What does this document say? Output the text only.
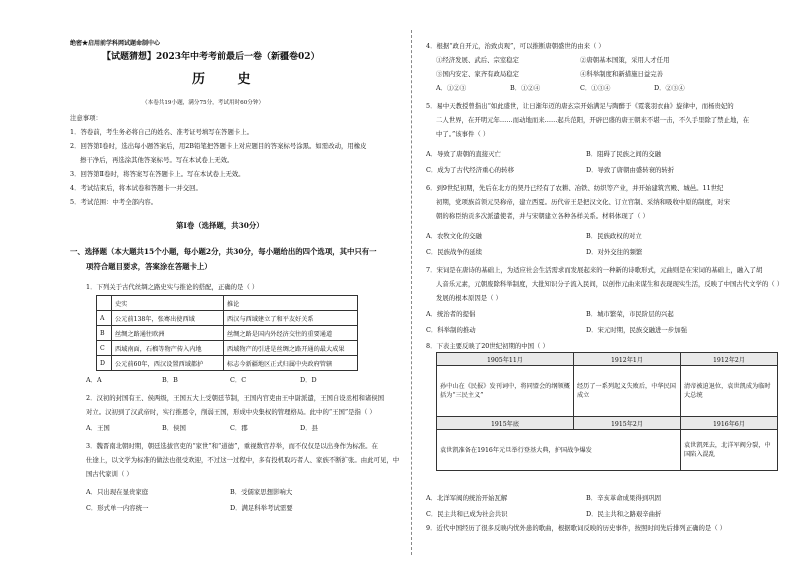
绝密★启用前学科网试题命制中心
【试题猜想】2023年中考考前最后一卷（新疆卷02）
历 史
（本卷共19小题，满分75分，考试用时60分钟）
注意事项：
1．答卷前，考生务必将自己的姓名、准考证号填写在答题卡上。
2．回答第Ⅰ卷时，选出每小题答案后，用2B铅笔把答题卡上对应题目的答案标号涂黑。如需改动，用橡皮
擦干净后，再选涂其他答案标号。写在本试卷上无效。
3．回答第Ⅱ卷时，将答案写在答题卡上。写在本试卷上无效。
4．考试结束后，将本试卷和答题卡一并交回。
5．考试范围：中考全部内容。
第Ⅰ卷（选择题，共30分）
一、选择题（本大题共15个小题，每小题2分，共30分，每小题给出的四个选项，其中只有一
项符合题目要求，答案涂在答题卡上）
1．下列关于古代丝绸之路史实与推论的搭配，正确的是（ ）
	史实	推论
A	公元前138年，张骞出使西域	西汉与西域建立了和平友好关系
B	丝绸之路通往欧洲	丝绸之路是国内外经济交往的重要通道
C	西域南面，石榴等物产传入内地	西域物产的引进是丝绸之路开通的最大成果
D	公元前60年，西汉设置西域都护	标志今新疆地区正式归属中央政府管辖
A．A	B．B	C．C	D．D
2．汉初的封国有王、侯两级，王国五大上受朝廷节制，王国内官吏由王中尉派遣，王国自设丞相和诸侯国
对立。汉初到了汉武帝时，实行推恩令，削弱王国，形成中央集权的管理格局。此中的“王国”是指（ ）
A．王国	B．侯国	C．郡	D．县
3．魏晋南北朝时期，朝廷选拔官吏的“家世”和“道德”，重视数官荐举，而不仅仅是以出身作为标准。在
仕途上，以文学为标准的做法也很受欢迎，不过这一过程中，多有投机取巧者人、家族不断扩张。由此可见，中
国古代家训（ ）
A．只出现在显贵家庭	B．受儒家思想影响大
C．形式单一内容统一	D．满足科举考试需要
4．根据“政自开元，治致贞观”，可以推断唐朝盛世的由来（ ）
①经济发展、武后、宗室稳定	②唐朝基本国策，采用人才任用
③国内安定、家齐有政局稳定	④科举制度和新措施日益完善
A．①②③	B．①②④	C．①③④	D．②③④
5．易中天教授曾指出“如此盛世，让日渐年迈的唐玄宗开始满足与陶醉于《霓裳羽衣曲》旋律中，而杨贵妃的
二人世界，在开明元年……而动地而来……起兵范阳，开辟巴盛的唐王朝来不堪一击，不久手里除了禁止地，在
中了。”该事件（ ）
A．导致了唐朝的直接灭亡	B．阻碍了民族之间的交融
C．成为了古代经济重心的转移	D．导致了唐朝由盛转衰的转折
6．到9世纪初期，先后在北方的契丹已经有了农耕、冶铁、纺织等产业，并开始建筑宫殿、城邑。11世纪
初期，党项族首领元昊称帝，建立西夏。历代帝王是把汉文化、订立官制、采纳和吸收中原的制度，对宋
朝的称臣纳贡多次派遣使者，并与宋朝建立各种各样关系。材料体现了（ ）
A．农牧文化的交融	B．民族政权的对立
C．民族战争的延续	D．对外交往的频繁
7．宋词是在唐诗的基础上，为适应社会生活需求而发展起来的一种新的诗歌形式，元曲则是在宋词的基础上，融入了胡
人音乐元素，元朝废除科举制度，大批知识分子流入民间，以创作元曲来谋生和表现现实生活，反映了中国古代文学的（ ）
发展的根本原因是（ ）
A．统治者的提倡	B．城市繁荣，市民阶层的兴起
C．科举制的推动	D．宋元时期，民族交融进一步加强
8．下表主要反映了20世纪初期的中国（ ）
1905年11月	1912年1月	1912年2月
孙中山在《民报》发刊词中，将同盟会的纲领概括为“三民主义”	经历了一系列起义失败后，中华民国成立	清帝被迫退位，袁世凯成为临时大总统
1915年底	1915年2月	1916年6月
袁世凯准备在1916年元旦举行登基大典，护国战争爆发		袁世凯死去，北洋军阀分裂，中国陷入混乱
A．北洋军阀的统治开始瓦解	B．辛亥革命成果得到巩固
C．民主共和已成为社会共识	D．民主共和之路艰辛曲折
9．近代中国经历了很多反映内忧外患的歌曲，根据歌词反映的历史事件，按照时间先后排列正确的是（ ）
